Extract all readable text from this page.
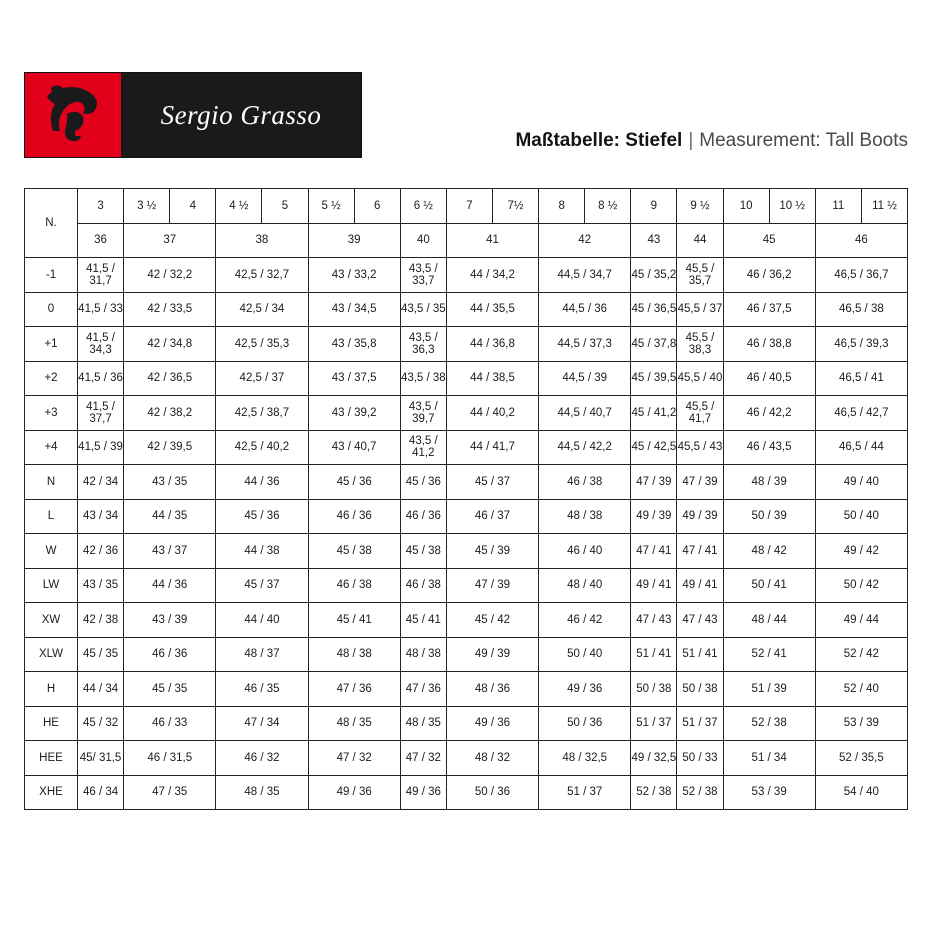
Sergio Grasso
Maßtabelle: Stiefel | Measurement: Tall Boots
N.	3	3 ½	4	4 ½	5	5 ½	6	6 ½	7	7½	8	8 ½	9	9 ½	10	10 ½	11	11 ½
	36	37		38		39		40	41		42		43	44	45		46	
-1	41,5 / 31,7	42 / 32,2		42,5 / 32,7		43 / 33,2		43,5 / 33,7	44 / 34,2		44,5 / 34,7		45 / 35,2	45,5 / 35,7	46 / 36,2		46,5 / 36,7	
0	41,5 / 33	42 / 33,5		42,5 / 34		43 / 34,5		43,5 / 35	44 / 35,5		44,5 / 36		45 / 36,5	45,5 / 37	46 / 37,5		46,5 / 38	
+1	41,5 / 34,3	42 / 34,8		42,5 / 35,3		43 / 35,8		43,5 / 36,3	44 / 36,8		44,5 / 37,3		45 / 37,8	45,5 / 38,3	46 / 38,8		46,5 / 39,3	
+2	41,5 / 36	42 / 36,5		42,5 / 37		43 / 37,5		43,5 / 38	44 / 38,5		44,5 / 39		45 / 39,5	45,5 / 40	46 / 40,5		46,5 / 41	
+3	41,5 / 37,7	42 / 38,2		42,5 / 38,7		43 / 39,2		43,5 / 39,7	44 / 40,2		44,5 / 40,7		45 / 41,2	45,5 / 41,7	46 / 42,2		46,5 / 42,7	
+4	41,5 / 39	42 / 39,5		42,5 / 40,2		43 / 40,7		43,5 / 41,2	44 / 41,7		44,5 / 42,2		45 / 42,5	45,5 / 43	46 / 43,5		46,5 / 44	
N	42 / 34	43 / 35		44 / 36		45 / 36		45 / 36	45 / 37		46 / 38		47 / 39	47 / 39	48 / 39		49 / 40	
L	43 / 34	44 / 35		45 / 36		46 / 36		46 / 36	46 / 37		48 / 38		49 / 39	49 / 39	50 / 39		50 / 40	
W	42 / 36	43 / 37		44 / 38		45 / 38		45 / 38	45 / 39		46 / 40		47 / 41	47 / 41	48 / 42		49 / 42	
LW	43 / 35	44 / 36		45 / 37		46 / 38		46 / 38	47 / 39		48 / 40		49 / 41	49 / 41	50 / 41		50 / 42	
XW	42 / 38	43 / 39		44 / 40		45 / 41		45 / 41	45 / 42		46 / 42		47 / 43	47 / 43	48 / 44		49 / 44	
XLW	45 / 35	46 / 36		48 / 37		48 / 38		48 / 38	49 / 39		50 / 40		51 / 41	51 / 41	52 / 41		52 / 42	
H	44 / 34	45 / 35		46 / 35		47 / 36		47 / 36	48 / 36		49 / 36		50 / 38	50 / 38	51 / 39		52 / 40	
HE	45 / 32	46 / 33		47 / 34		48 / 35		48 / 35	49 / 36		50 / 36		51 / 37	51 / 37	52 / 38		53 / 39	
HEE	45/ 31,5	46 / 31,5		46 / 32		47 / 32		47 / 32	48 / 32		48 / 32,5		49 / 32,5	50 / 33	51 / 34		52 / 35,5	
XHE	46 / 34	47 / 35		48 / 35		49 / 36		49 / 36	50 / 36		51 / 37		52 / 38	52 / 38	53 / 39		54 / 40	
